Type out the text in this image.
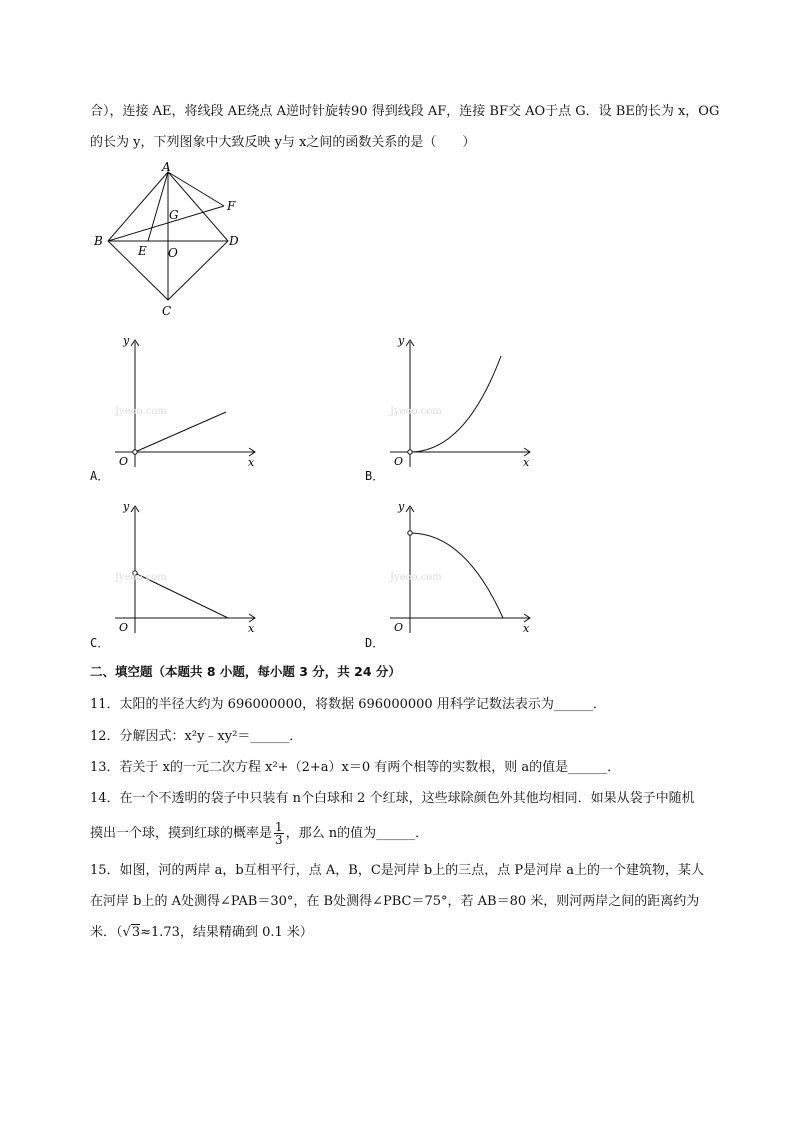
合），连接 AE，将线段 AE绕点 A逆时针旋转90 得到线段 AF，连接 BF交 AO于点 G．设 BE的长为 x，OG
的长为 y，下列图象中大致反映 y与 x之间的函数关系的是（　　）
A
B
C
D
E
F
G
O
Jyeoo.com
y
x
O
A．
Jyeoo.com
y
x
O
B．
Jyeoo.com
y
x
O
C．
Jyeoo.com
y
x
O
D．
二、填空题（本题共 8 小题，每小题 3 分，共 24 分）
11．太阳的半径大约为 696000000，将数据 696000000 用科学记数法表示为______．
12．分解因式：x²y﹣xy²＝______．
13．若关于 x的一元二次方程 x²+（2+a）x＝0 有两个相等的实数根，则 a的值是______．
14．在一个不透明的袋子中只装有 n个白球和 2 个红球，这些球除颜色外其他均相同．如果从袋子中随机
摸出一个球，摸到红球的概率是 $\frac{1}{3}$ ，那么 n的值为______．
15．如图，河的两岸 a，b互相平行，点 A，B，C是河岸 b上的三点，点 P是河岸 a上的一个建筑物，某人
在河岸 b上的 A处测得∠PAB＝30°，在 B处测得∠PBC＝75°，若 AB＝80 米，则河两岸之间的距离约为
米．（√3≈1.73，结果精确到 0.1 米）
